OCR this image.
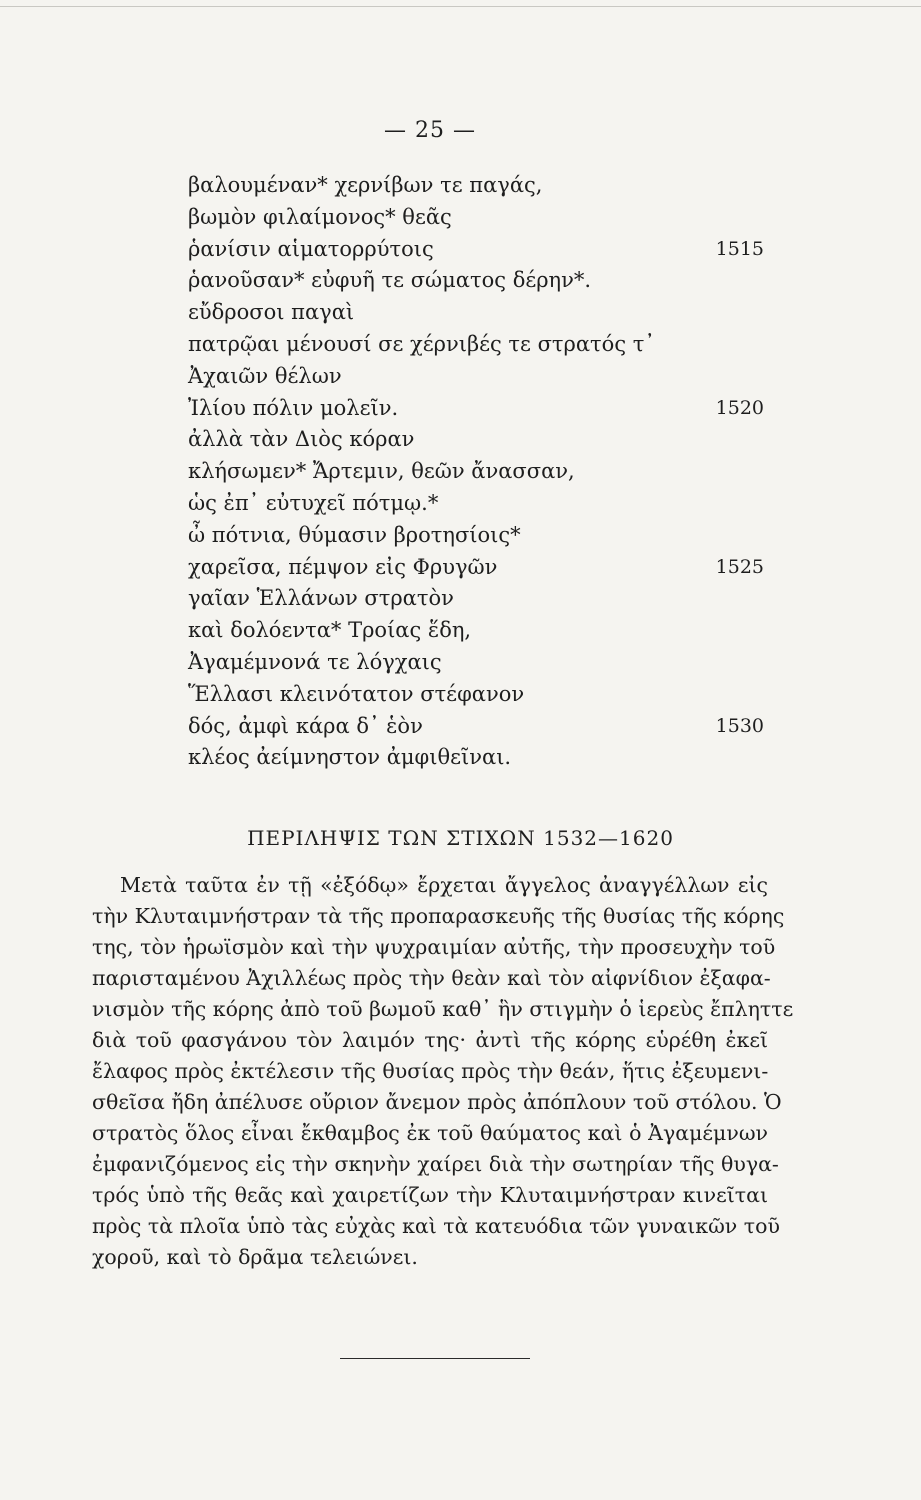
— 25 —
βαλουμέναν* χερνίβων τε παγάς,
βωμὸν φιλαίμονος* θεᾶς
ῥανίσιν αἱματορρύτοις	1515
ῥανοῦσαν* εὐφυῆ τε σώματος δέρην*.
εὔδροσοι παγαὶ
πατρῷαι μένουσί σε χέρνιβές τε στρατός τ᾽
Ἀχαιῶν θέλων
Ἰλίου πόλιν μολεῖν.	1520
ἀλλὰ τὰν Διὸς κόραν
κλήσωμεν* Ἄρτεμιν, θεῶν ἄνασσαν,
ὡς ἐπ᾽ εὐτυχεῖ πότμῳ.*
ὦ πότνια, θύμασιν βροτησίοις*
χαρεῖσα, πέμψον εἰς Φρυγῶν	1525
γαῖαν Ἑλλάνων στρατὸν
καὶ δολόεντα* Τροίας ἕδη,
Ἀγαμέμνονά τε λόγχαις
Ἕλλασι κλεινότατον στέφανον
δός, ἀμφὶ κάρα δ᾽ ἑὸν	1530
κλέος ἀείμνηστον ἀμφιθεῖναι.
ΠΕΡΙΛΗΨΙΣ ΤΩΝ ΣΤΙΧΩΝ 1532—1620
Μετὰ ταῦτα ἐν τῇ «ἐξόδῳ» ἔρχεται ἄγγελος ἀναγγέλλων εἰς
τὴν Κλυταιμνήστραν τὰ τῆς προπαρασκευῆς τῆς θυσίας τῆς κόρης
της, τὸν ἡρωϊσμὸν καὶ τὴν ψυχραιμίαν αὐτῆς, τὴν προσευχὴν τοῦ
παρισταμένου Ἀχιλλέως πρὸς τὴν θεὰν καὶ τὸν αἰφνίδιον ἐξαφα-
νισμὸν τῆς κόρης ἀπὸ τοῦ βωμοῦ καθ᾽ ἣν στιγμὴν ὁ ἱερεὺς ἔπληττε
διὰ τοῦ φασγάνου τὸν λαιμόν της· ἀντὶ τῆς κόρης εὑρέθη ἐκεῖ
ἔλαφος πρὸς ἐκτέλεσιν τῆς θυσίας πρὸς τὴν θεάν, ἥτις ἐξευμενι-
σθεῖσα ἤδη ἀπέλυσε οὔριον ἄνεμον πρὸς ἀπόπλουν τοῦ στόλου. Ὁ
στρατὸς ὅλος εἶναι ἔκθαμβος ἐκ τοῦ θαύματος καὶ ὁ Ἀγαμέμνων
ἐμφανιζόμενος εἰς τὴν σκηνὴν χαίρει διὰ τὴν σωτηρίαν τῆς θυγα-
τρός ὑπὸ τῆς θεᾶς καὶ χαιρετίζων τὴν Κλυταιμνήστραν κινεῖται
πρὸς τὰ πλοῖα ὑπὸ τὰς εὐχὰς καὶ τὰ κατευόδια τῶν γυναικῶν τοῦ
χοροῦ, καὶ τὸ δρᾶμα τελειώνει.
